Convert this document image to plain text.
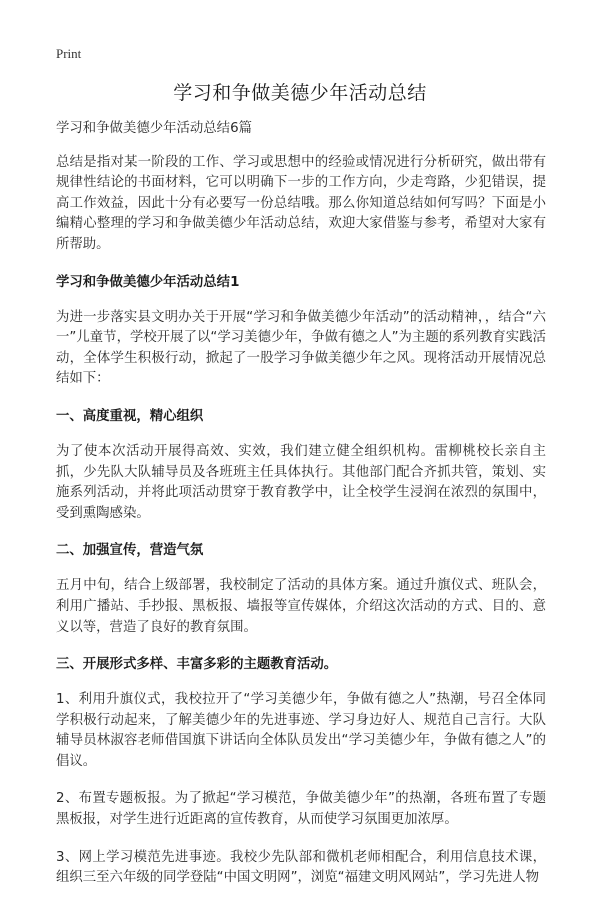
Print
学习和争做美德少年活动总结

学习和争做美德少年活动总结6篇

总结是指对某一阶段的工作、学习或思想中的经验或情况进行分析研究，做出带有规律性结论的书面材料，它可以明确下一步的工作方向，少走弯路，少犯错误，提高工作效益，因此十分有必要写一份总结哦。那么你知道总结如何写吗？下面是小编精心整理的学习和争做美德少年活动总结，欢迎大家借鉴与参考，希望对大家有所帮助。

学习和争做美德少年活动总结1

为进一步落实县文明办关于开展“学习和争做美德少年活动”的活动精神，，结合“六一”儿童节，学校开展了以“学习美德少年，争做有德之人”为主题的系列教育实践活动，全体学生积极行动，掀起了一股学习争做美德少年之风。现将活动开展情况总结如下：

一、高度重视，精心组织

为了使本次活动开展得高效、实效，我们建立健全组织机构。雷柳桃校长亲自主抓，少先队大队辅导员及各班班主任具体执行。其他部门配合齐抓共管，策划、实施系列活动，并将此项活动贯穿于教育教学中，让全校学生浸润在浓烈的氛围中，受到熏陶感染。

二、加强宣传，营造气氛

五月中旬，结合上级部署，我校制定了活动的具体方案。通过升旗仪式、班队会，利用广播站、手抄报、黑板报、墙报等宣传媒体，介绍这次活动的方式、目的、意义以等，营造了良好的教育氛围。

三、开展形式多样、丰富多彩的主题教育活动。

1、利用升旗仪式，我校拉开了“学习美德少年，争做有德之人”热潮，号召全体同学积极行动起来，了解美德少年的先进事迹、学习身边好人、规范自己言行。大队辅导员林淑容老师借国旗下讲话向全体队员发出“学习美德少年，争做有德之人”的倡议。

2、布置专题板报。为了掀起“学习模范，争做美德少年”的热潮，各班布置了专题黑板报，对学生进行近距离的宣传教育，从而使学习氛围更加浓厚。

3、网上学习模范先进事迹。我校少先队部和微机老师相配合，利用信息技术课，组织三至六年级的同学登陆“中国文明网”，浏览“福建文明风网站”，学习先进人物
